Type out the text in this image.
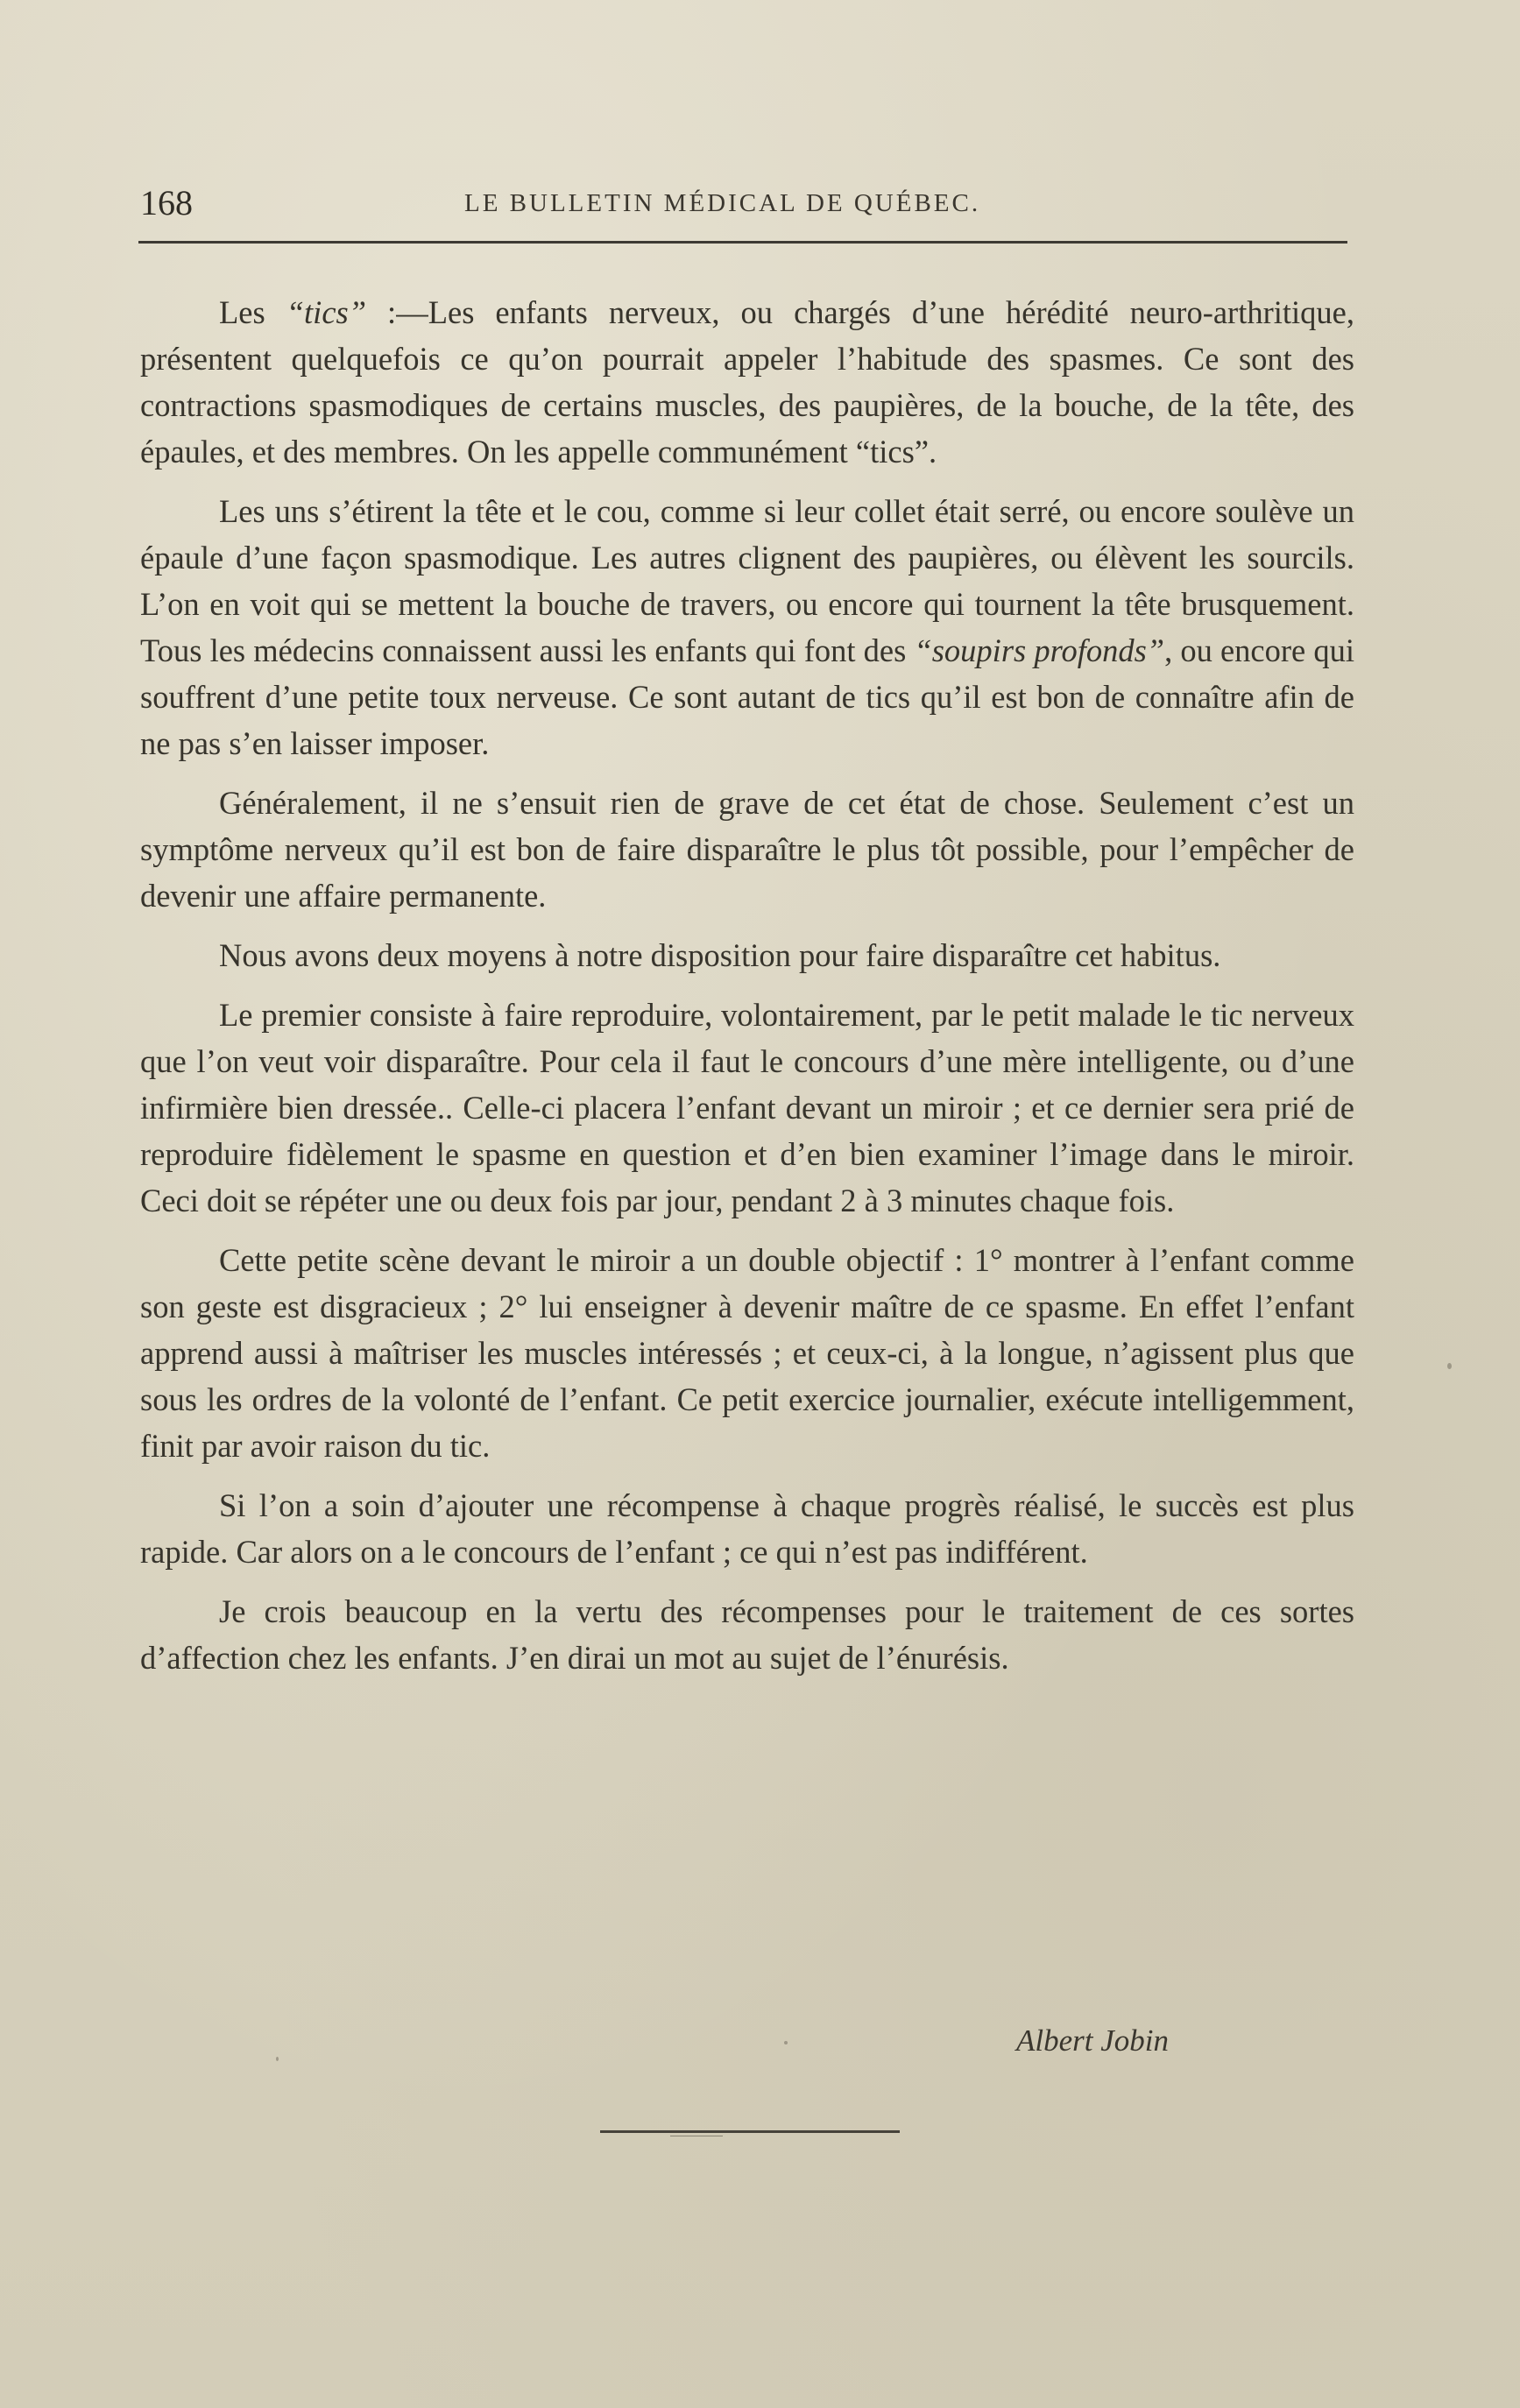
168	LE BULLETIN MÉDICAL DE QUÉBEC.

Les “tics” :—Les enfants nerveux, ou chargés d’une hérédité neuro-arthritique, présentent quelquefois ce qu’on pourrait appeler l’habitude des spasmes. Ce sont des contractions spasmodiques de certains muscles, des paupières, de la bouche, de la tête, des épaules, et des membres. On les appelle communément “tics”.

Les uns s’étirent la tête et le cou, comme si leur collet était serré, ou encore soulève un épaule d’une façon spasmodique. Les autres clignent des paupières, ou élèvent les sourcils. L’on en voit qui se mettent la bouche de travers, ou encore qui tournent la tête brusquement. Tous les médecins connaissent aussi les enfants qui font des “soupirs profonds”, ou encore qui souffrent d’une petite toux nerveuse. Ce sont autant de tics qu’il est bon de connaître afin de ne pas s’en laisser imposer.

Généralement, il ne s’ensuit rien de grave de cet état de chose. Seulement c’est un symptôme nerveux qu’il est bon de faire disparaître le plus tôt possible, pour l’empêcher de devenir une affaire permanente.

Nous avons deux moyens à notre disposition pour faire disparaître cet habitus.

Le premier consiste à faire reproduire, volontairement, par le petit malade le tic nerveux que l’on veut voir disparaître. Pour cela il faut le concours d’une mère intelligente, ou d’une infirmière bien dressée.. Celle-ci placera l’enfant devant un miroir ; et ce dernier sera prié de reproduire fidèlement le spasme en question et d’en bien examiner l’image dans le miroir. Ceci doit se répéter une ou deux fois par jour, pendant 2 à 3 minutes chaque fois.

Cette petite scène devant le miroir a un double objectif : 1° montrer à l’enfant comme son geste est disgracieux ; 2° lui enseigner à devenir maître de ce spasme. En effet l’enfant apprend aussi à maîtriser les muscles intéressés ; et ceux-ci, à la longue, n’agissent plus que sous les ordres de la volonté de l’enfant. Ce petit exercice journalier, exécute intelligemment, finit par avoir raison du tic.

Si l’on a soin d’ajouter une récompense à chaque progrès réalisé, le succès est plus rapide. Car alors on a le concours de l’enfant ; ce qui n’est pas indifférent.

Je crois beaucoup en la vertu des récompenses pour le traitement de ces sortes d’affection chez les enfants. J’en dirai un mot au sujet de l’énurésis.

Albert Jobin
